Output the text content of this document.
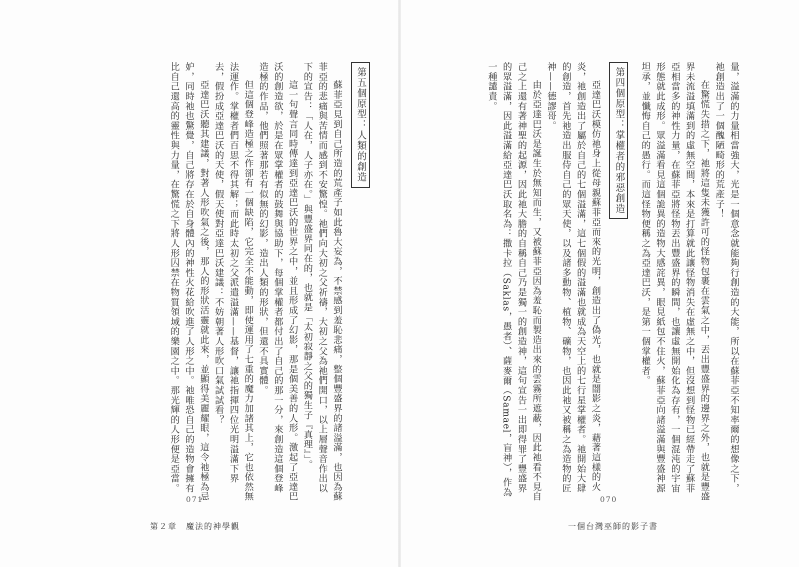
第五個原型：人類的創造

蘇菲亞見到自己所造的荒產子如此魯大妄為，不禁感到羞恥悲痛，整個豐盛界的諸溢滿，也因為蘇菲亞的悲痛與苦情而感到不安驚惶。祂們向大初之父祈禱，大初之父為祂們開口，以上層聲音作出以下的宣告：「人在，人子亦在。」與豐盛界同在的，也就是「太初寂靜之父的獨生子『真理』」。

這一句聲言同時傳達到亞達巴沃的世界之中，並且形成了幻影，那是個美善的人形。激起了亞達巴沃的創造欲，於是在眾掌權者的鼓舞與協助下，每個掌權者都付出了自己的那一分，來創造這個登峰造極的作品，他們照著那若有似無的幻影，造出人類的形狀，但還不具實體。

但這個登峰造極之作卻有一個缺陷，它完全不能動，即使運用了七重的魔力加諸其上，它也依然無法運作。掌權者們百思不得其解；而此時太初之父派遣溢滿——基督，讓祂指揮四位光明溢滿下界去，假扮成亞達巴沃的天使，假天使對亞達巴沃建議：不妨朝著人形吹口氣試試看？

亞達巴沃聽其建議，對著人形吹氣之後，那人的形狀活靈就此來，並顯得美麗耀眼，這令祂極為忌妒，同時祂也驚覺，自己將存在於自身體內的神性火花給吹進了人形之中。祂唯恐自己的造物會擁有比自己還高的靈性與力量，在驚慌之下將人形囚禁在物質領域的樂園之中。那光輝的人形便是亞當。

071
第２章　魔法的神學觀

量，溢滿的力量相當強大，光是一個意念就能夠行創造的大能，所以在蘇菲亞不知率爾的想像之下，祂創造出了一個醜陋畸形的荒產子！

在驚慌失措之下，祂將這隻未獲許可的怪物包裹在雲氣之中，丟出豐盛界的邊界之外，也就是豐盛界未流溢填滿到的虛無空間，本來是打算就此讓怪物消失在虛無之中，但沒想到怪物已經帶走了蘇菲亞相當多的神性力量，在蘇菲亞將怪物丟出豐盛界的瞬間，也讓虛無開始化為存有，一個混沌的宇宙形態就此成形。眾溢滿看見這個詭異的造物大感詫異，眼見紙包不住火，蘇菲亞向諸溢滿與豐盛神源坦承，並懺悔自己的愚行。而這怪物便稱之為亞達巴沃，是第一個掌權者。

第四個原型：掌權者的邪惡創造

亞達巴沃模仿祂身上從母親蘇菲亞而來的光明，創造出了偽光，也就是闇影之炎，藉著這樣的火炎，祂創造出了屬於自己的七個溢滿，這七個假的溢滿也就成為天空上的七行星掌權者。祂開始大肆的創造，首先祂造出服侍自己的眾天使，以及諸多動物、植物、礦物，也因此祂又被稱之為造物的匠神——德謬哥。

由於亞達巴沃是誕生於無知而生，又被蘇菲亞因為羞恥而製造出來的雲霧所遮蔽，因此祂看不見自己之上還有著神聖的起源，因此祂大膽的自稱自己乃是獨一的創造神，這句宣告一出即得罪了豐盛界的眾溢滿，因此溢滿給亞達巴沃取名為：撒卡拉（Saklas，愚者）、薩麥爾（Samael，盲神），作為一種譴責。

070
一個台灣巫師的影子書
